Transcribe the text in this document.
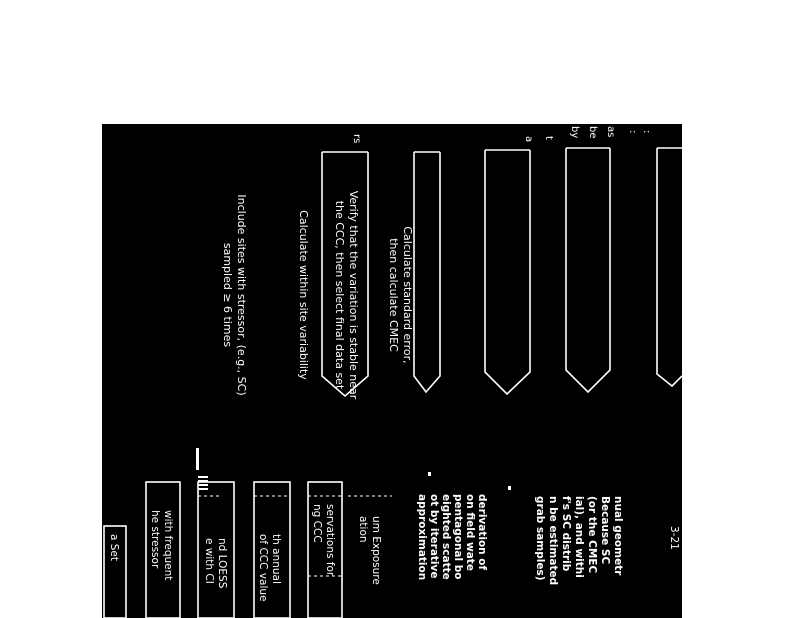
Include sites with stressor, (e.g., SC)
sampled ≥ 6 times	Calculate within site variability	Verify that the variation is stable near
the CCC, then select final data set	Calculate standard error,
then calculate CMEC
rs	a t by be as : :
a Set	with frequent
he stressor	nd LOESS
e with CI	th annual
of CCC value	servations for
ng CCC	um Exposure
ation	derivation of
on field wate
pentagonal bo
eighted scatte
ot by iterative
approximation	nual geometr
Because SC
(or the CMEC
ial), and withi
f's SC distrib
n be estimated
grab samples)	3-21
